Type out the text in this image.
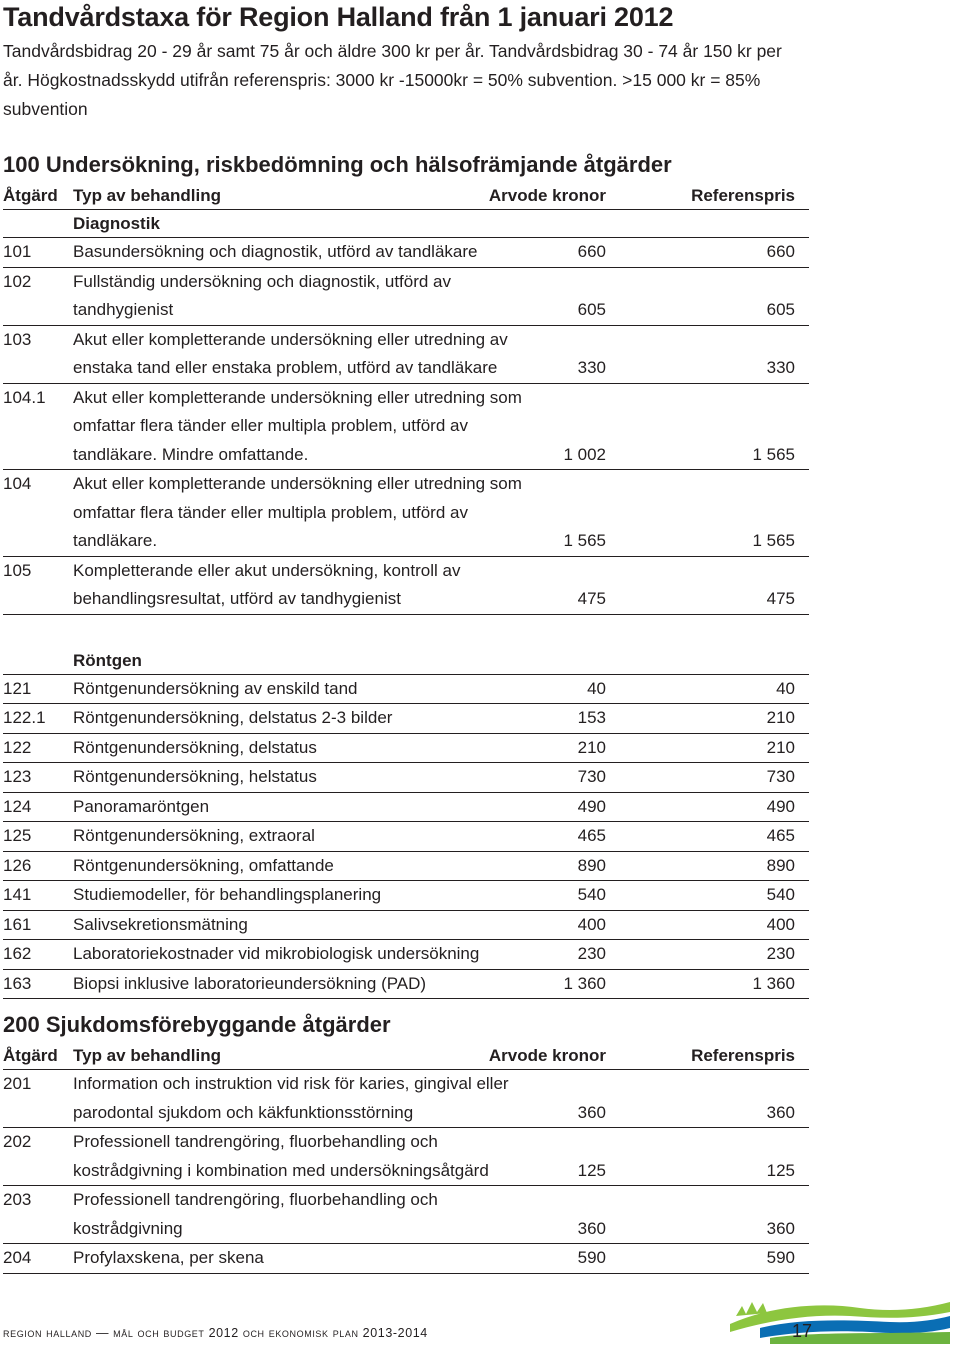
Tandvårdstaxa för Region Halland från 1 januari 2012

Tandvårdsbidrag 20 - 29 år samt 75 år och äldre 300 kr per år. Tandvårdsbidrag 30 - 74 år 150 kr per år. Högkostnadsskydd utifrån referenspris: 3000 kr -15000kr = 50% subvention. >15 000 kr = 85% subvention

100 Undersökning, riskbedömning och hälsofrämjande åtgärder
Åtgärd Typ av behandling	Arvode kronor	Referenspris
Diagnostik
101	Basundersökning och diagnostik, utförd av tandläkare	660	660
102	Fullständig undersökning och diagnostik, utförd av tandhygienist	605	605
103	Akut eller kompletterande undersökning eller utredning av enstaka tand eller enstaka problem, utförd av tandläkare	330	330
104.1	Akut eller kompletterande undersökning eller utredning som omfattar flera tänder eller multipla problem, utförd av tandläkare. Mindre omfattande.	1 002	1 565
104	Akut eller kompletterande undersökning eller utredning som omfattar flera tänder eller multipla problem, utförd av tandläkare.	1 565	1 565
105	Kompletterande eller akut undersökning, kontroll av behandlingsresultat, utförd av tandhygienist	475	475
Röntgen
121	Röntgenundersökning av enskild tand	40	40
122.1	Röntgenundersökning, delstatus 2-3 bilder	153	210
122	Röntgenundersökning, delstatus	210	210
123	Röntgenundersökning, helstatus	730	730
124	Panoramaröntgen	490	490
125	Röntgenundersökning, extraoral	465	465
126	Röntgenundersökning, omfattande	890	890
141	Studiemodeller, för behandlingsplanering	540	540
161	Salivsekretionsmätning	400	400
162	Laboratoriekostnader vid mikrobiologisk undersökning	230	230
163	Biopsi inklusive laboratorieundersökning (PAD)	1 360	1 360
200 Sjukdomsförebyggande åtgärder
Åtgärd Typ av behandling	Arvode kronor	Referenspris
201	Information och instruktion vid risk för karies, gingival eller parodontal sjukdom och käkfunktionsstörning	360	360
202	Professionell tandrengöring, fluorbehandling och kostrådgivning i kombination med undersökningsåtgärd	125	125
203	Professionell tandrengöring, fluorbehandling och kostrådgivning	360	360
204	Profylaxskena, per skena	590	590
region halland — mål och budget 2012 och ekonomisk plan 2013-2014	17
